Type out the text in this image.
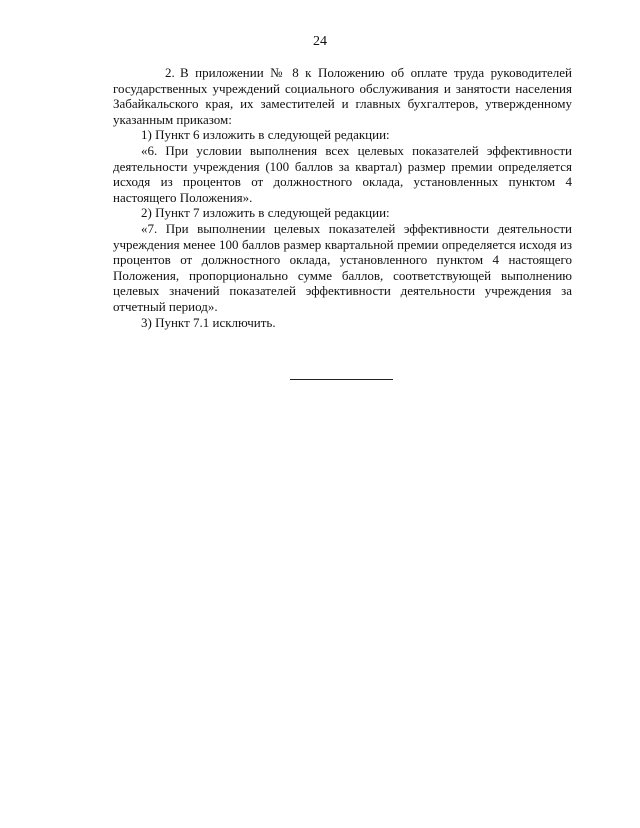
24

2. В приложении № 8 к Положению об оплате труда руководителей государственных учреждений социального обслуживания и занятости населения Забайкальского края, их заместителей и главных бухгалтеров, утвержденному указанным приказом:

1) Пункт 6 изложить в следующей редакции:

«6. При условии выполнения всех целевых показателей эффективности деятельности учреждения (100 баллов за квартал) размер премии определяется исходя из процентов от должностного оклада, установленных пунктом 4 настоящего Положения».

2) Пункт 7 изложить в следующей редакции:

«7. При выполнении целевых показателей эффективности деятельности учреждения менее 100 баллов размер квартальной премии определяется исходя из процентов от должностного оклада, установленного пунктом 4 настоящего Положения, пропорционально сумме баллов, соответствующей выполнению целевых значений показателей эффективности деятельности учреждения за отчетный период».

3) Пункт 7.1 исключить.
